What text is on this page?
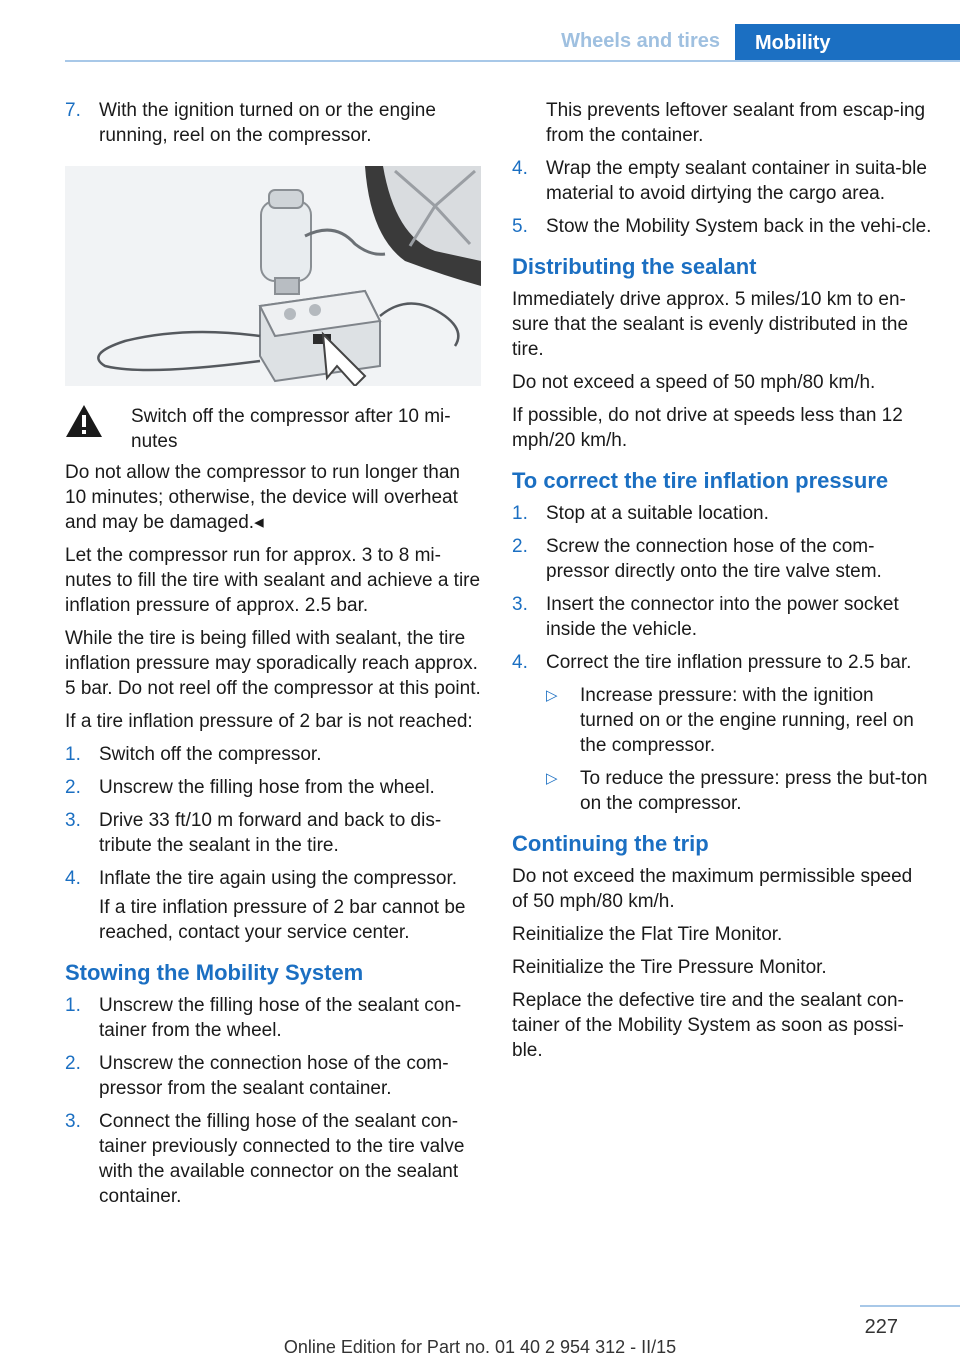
Wheels and tires	Mobility
7. With the ignition turned on or the engine running, reel on the compressor.
Switch off the compressor after 10 mi-nutes

Do not allow the compressor to run longer than 10 minutes; otherwise, the device will overheat and may be damaged.◂

Let the compressor run for approx. 3 to 8 mi-nutes to fill the tire with sealant and achieve a tire inflation pressure of approx. 2.5 bar.

While the tire is being filled with sealant, the tire inflation pressure may sporadically reach approx. 5 bar. Do not reel off the compressor at this point.

If a tire inflation pressure of 2 bar is not reached:

1. Switch off the compressor.
2. Unscrew the filling hose from the wheel.
3. Drive 33 ft/10 m forward and back to dis-tribute the sealant in the tire.
4. Inflate the tire again using the compressor.

If a tire inflation pressure of 2 bar cannot be reached, contact your service center.

Stowing the Mobility System
1. Unscrew the filling hose of the sealant con-tainer from the wheel.
2. Unscrew the connection hose of the com-pressor from the sealant container.
3. Connect the filling hose of the sealant con-tainer previously connected to the tire valve with the available connector on the sealant container.
This prevents leftover sealant from escap-ing from the container.
4. Wrap the empty sealant container in suita-ble material to avoid dirtying the cargo area.
5. Stow the Mobility System back in the vehi-cle.
Distributing the sealant

Immediately drive approx. 5 miles/10 km to en-sure that the sealant is evenly distributed in the tire.

Do not exceed a speed of 50 mph/80 km/h.

If possible, do not drive at speeds less than 12 mph/20 km/h.

To correct the tire inflation pressure
1. Stop at a suitable location.
2. Screw the connection hose of the com-pressor directly onto the tire valve stem.
3. Insert the connector into the power socket inside the vehicle.
4. Correct the tire inflation pressure to 2.5 bar.
▷	Increase pressure: with the ignition turned on or the engine running, reel on the compressor.
▷	To reduce the pressure: press the but-ton on the compressor.
Continuing the trip

Do not exceed the maximum permissible speed of 50 mph/80 km/h.

Reinitialize the Flat Tire Monitor.

Reinitialize the Tire Pressure Monitor.

Replace the defective tire and the sealant con-tainer of the Mobility System as soon as possi-ble.

227
Online Edition for Part no. 01 40 2 954 312 - II/15
